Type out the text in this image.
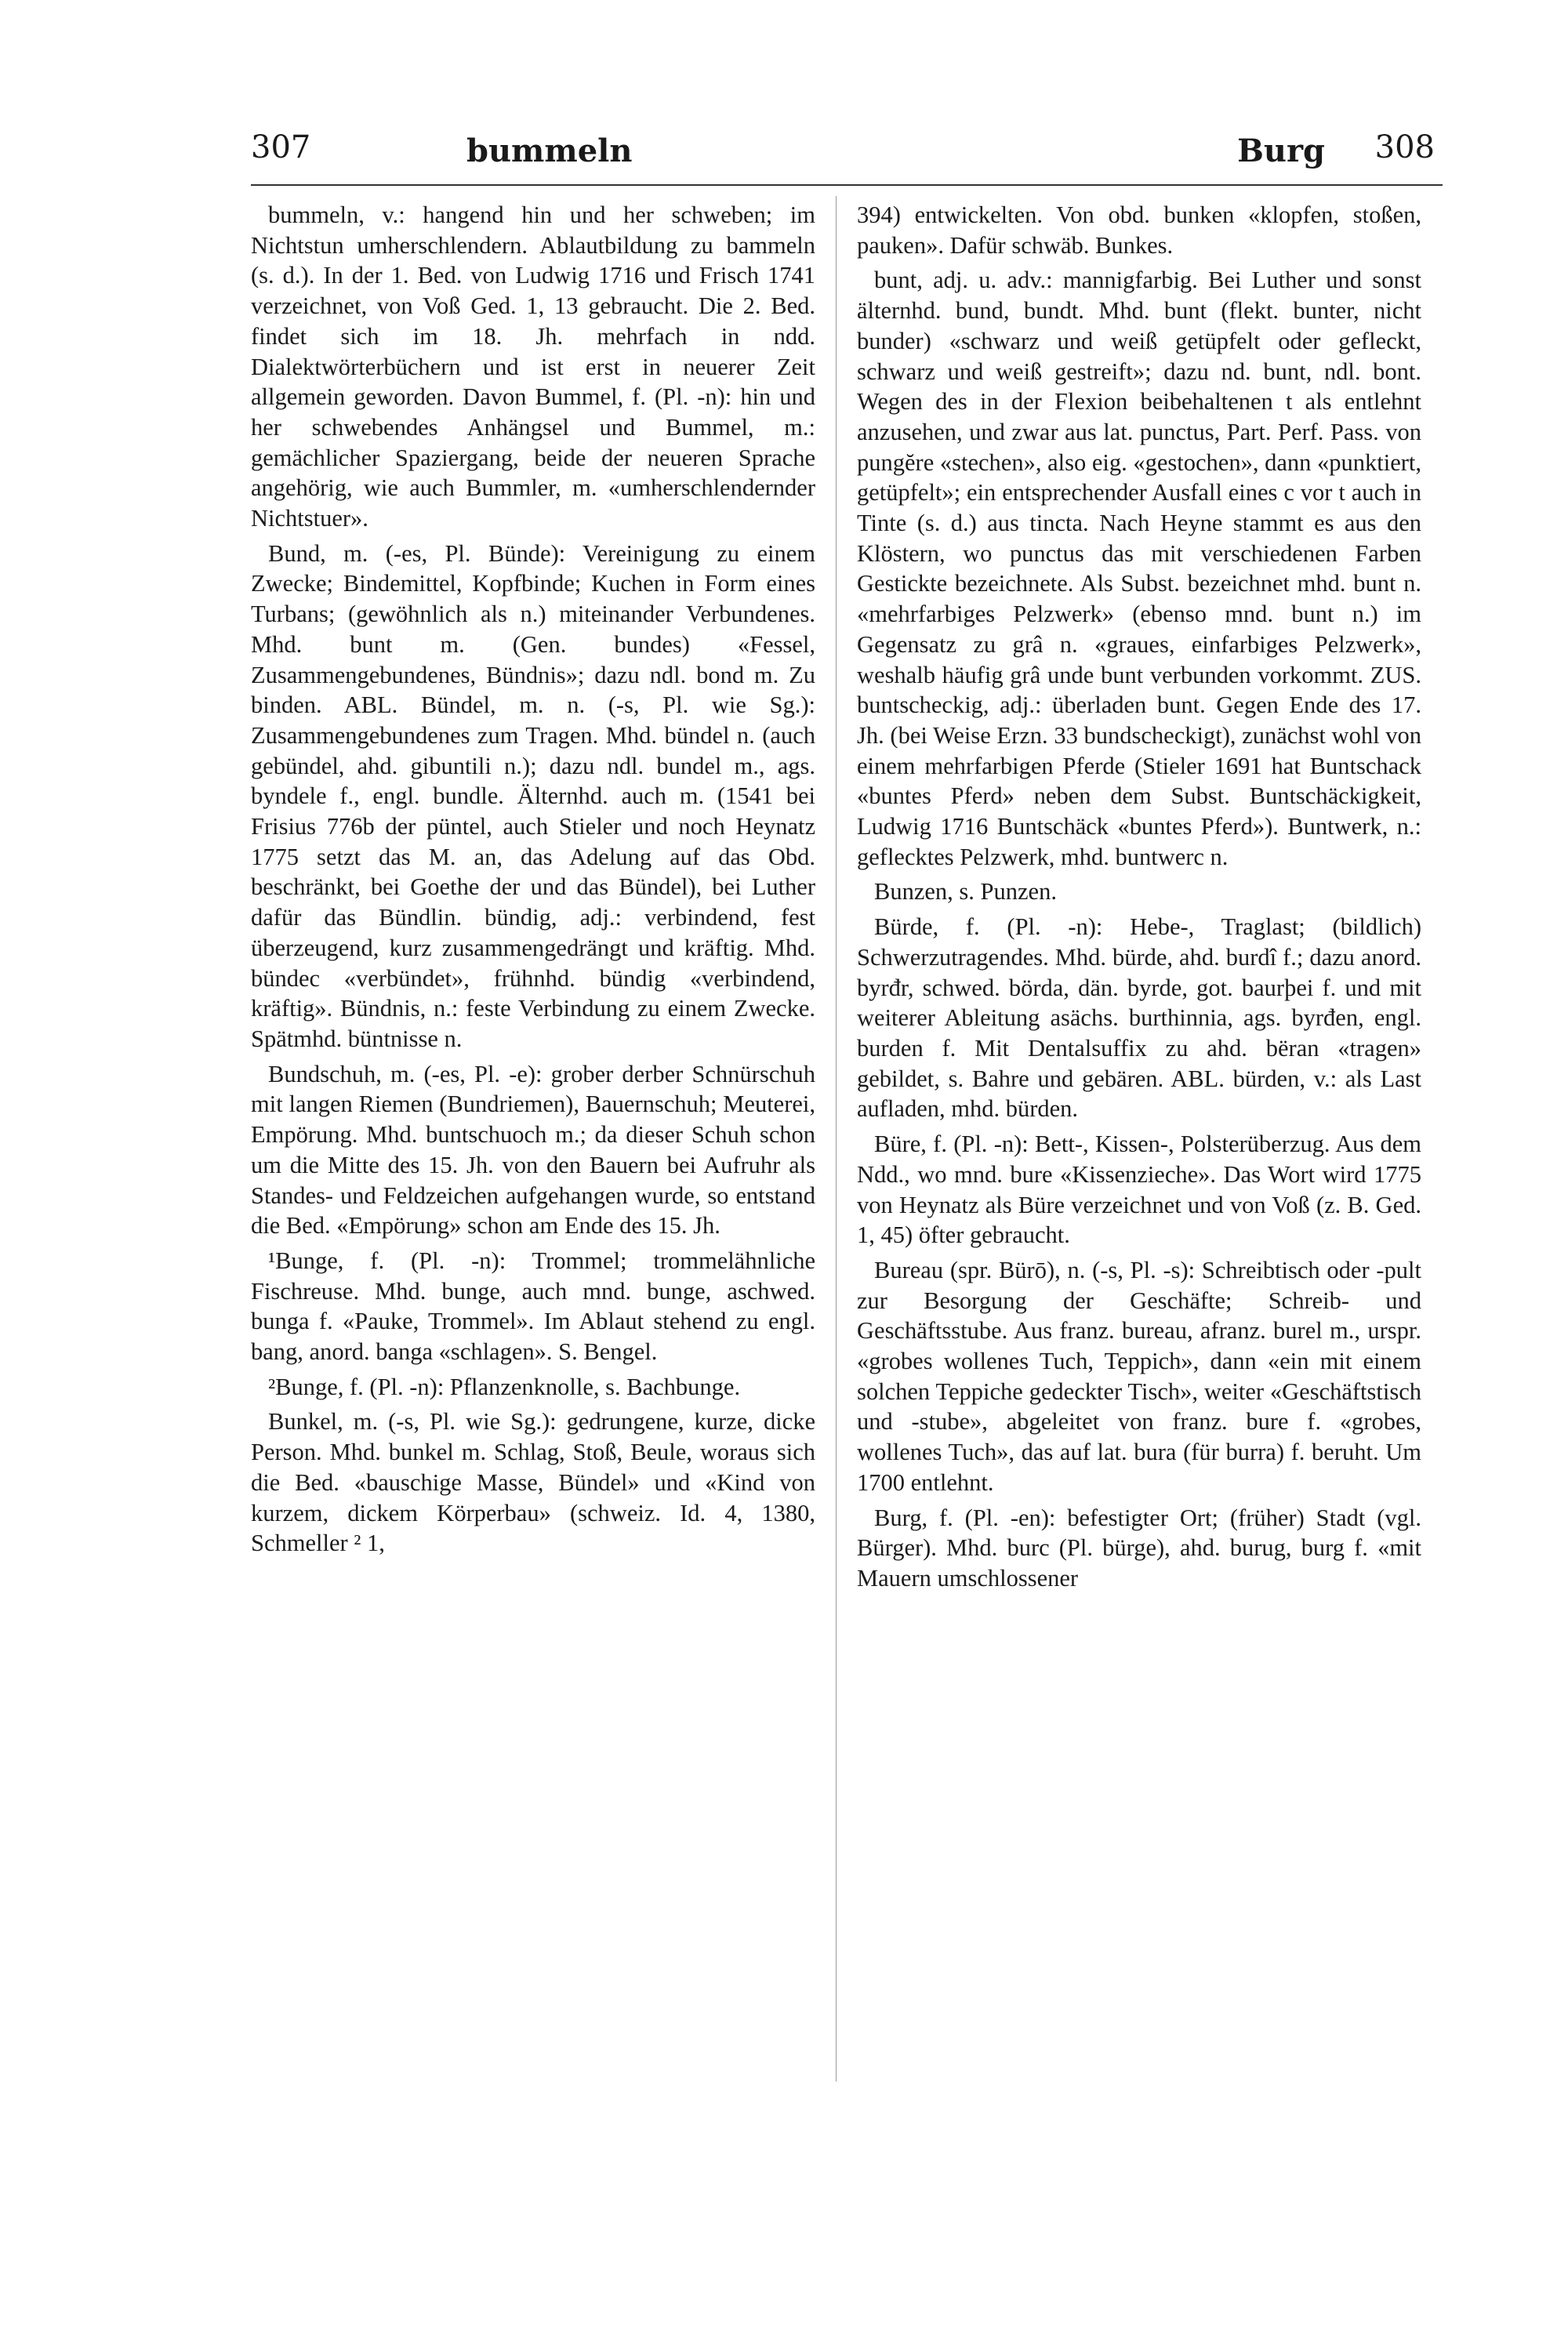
307	bummeln	Burg 308

bummeln, v.: hangend hin und her schweben; im Nichtstun umherschlendern. Ablautbildung zu bammeln (s. d.). In der 1. Bed. von Ludwig 1716 und Frisch 1741 verzeichnet, von Voß Ged. 1, 13 gebraucht. Die 2. Bed. findet sich im 18. Jh. mehrfach in ndd. Dialektwörterbüchern und ist erst in neuerer Zeit allgemein geworden. Davon Bummel, f. (Pl. -n): hin und her schwebendes Anhängsel und Bummel, m.: gemächlicher Spaziergang, beide der neueren Sprache angehörig, wie auch Bummler, m. «umherschlendernder Nichtstuer».

Bund, m. (-es, Pl. Bünde): Vereinigung zu einem Zwecke; Bindemittel, Kopfbinde; Kuchen in Form eines Turbans; (gewöhnlich als n.) miteinander Verbundenes. Mhd. bunt m. (Gen. bundes) «Fessel, Zusammengebundenes, Bündnis»; dazu ndl. bond m. Zu binden. ABL. Bündel, m. n. (-s, Pl. wie Sg.): Zusammengebundenes zum Tragen. Mhd. bündel n. (auch gebündel, ahd. gibuntili n.); dazu ndl. bundel m., ags. byndele f., engl. bundle. Älternhd. auch m. (1541 bei Frisius 776b der püntel, auch Stieler und noch Heynatz 1775 setzt das M. an, das Adelung auf das Obd. beschränkt, bei Goethe der und das Bündel), bei Luther dafür das Bündlin. bündig, adj.: verbindend, fest überzeugend, kurz zusammengedrängt und kräftig. Mhd. bündec «verbündet», frühnhd. bündig «verbindend, kräftig». Bündnis, n.: feste Verbindung zu einem Zwecke. Spätmhd. büntnisse n.

Bundschuh, m. (-es, Pl. -e): grober derber Schnürschuh mit langen Riemen (Bundriemen), Bauernschuh; Meuterei, Empörung. Mhd. buntschuoch m.; da dieser Schuh schon um die Mitte des 15. Jh. von den Bauern bei Aufruhr als Standes- und Feldzeichen aufgehangen wurde, so entstand die Bed. «Empörung» schon am Ende des 15. Jh.

¹Bunge, f. (Pl. -n): Trommel; trommelähnliche Fischreuse. Mhd. bunge, auch mnd. bunge, aschwed. bunga f. «Pauke, Trommel». Im Ablaut stehend zu engl. bang, anord. banga «schlagen». S. Bengel.

²Bunge, f. (Pl. -n): Pflanzenknolle, s. Bachbunge.

Bunkel, m. (-s, Pl. wie Sg.): gedrungene, kurze, dicke Person. Mhd. bunkel m. Schlag, Stoß, Beule, woraus sich die Bed. «bauschige Masse, Bündel» und «Kind von kurzem, dickem Körperbau» (schweiz. Id. 4, 1380, Schmeller ² 1,

394) entwickelten. Von obd. bunken «klopfen, stoßen, pauken». Dafür schwäb. Bunkes.

bunt, adj. u. adv.: mannigfarbig. Bei Luther und sonst älternhd. bund, bundt. Mhd. bunt (flekt. bunter, nicht bunder) «schwarz und weiß getüpfelt oder gefleckt, schwarz und weiß gestreift»; dazu nd. bunt, ndl. bont. Wegen des in der Flexion beibehaltenen t als entlehnt anzusehen, und zwar aus lat. punctus, Part. Perf. Pass. von pungĕre «stechen», also eig. «gestochen», dann «punktiert, getüpfelt»; ein entsprechender Ausfall eines c vor t auch in Tinte (s. d.) aus tincta. Nach Heyne stammt es aus den Klöstern, wo punctus das mit verschiedenen Farben Gestickte bezeichnete. Als Subst. bezeichnet mhd. bunt n. «mehrfarbiges Pelzwerk» (ebenso mnd. bunt n.) im Gegensatz zu grâ n. «graues, einfarbiges Pelzwerk», weshalb häufig grâ unde bunt verbunden vorkommt. ZUS. buntscheckig, adj.: überladen bunt. Gegen Ende des 17. Jh. (bei Weise Erzn. 33 bundscheckigt), zunächst wohl von einem mehrfarbigen Pferde (Stieler 1691 hat Buntschack «buntes Pferd» neben dem Subst. Buntschäckigkeit, Ludwig 1716 Buntschäck «buntes Pferd»). Buntwerk, n.: geflecktes Pelzwerk, mhd. buntwerc n.

Bunzen, s. Punzen.

Bürde, f. (Pl. -n): Hebe-, Traglast; (bildlich) Schwerzutragendes. Mhd. bürde, ahd. burdî f.; dazu anord. byrđr, schwed. börda, dän. byrde, got. baurþei f. und mit weiterer Ableitung asächs. burthinnia, ags. byrđen, engl. burden f. Mit Dentalsuffix zu ahd. bëran «tragen» gebildet, s. Bahre und gebären. ABL. bürden, v.: als Last aufladen, mhd. bürden.

Büre, f. (Pl. -n): Bett-, Kissen-, Polsterüberzug. Aus dem Ndd., wo mnd. bure «Kissenzieche». Das Wort wird 1775 von Heynatz als Büre verzeichnet und von Voß (z. B. Ged. 1, 45) öfter gebraucht.

Bureau (spr. Bürō), n. (-s, Pl. -s): Schreibtisch oder -pult zur Besorgung der Geschäfte; Schreib- und Geschäftsstube. Aus franz. bureau, afranz. burel m., urspr. «grobes wollenes Tuch, Teppich», dann «ein mit einem solchen Teppiche gedeckter Tisch», weiter «Geschäftstisch und -stube», abgeleitet von franz. bure f. «grobes, wollenes Tuch», das auf lat. bura (für burra) f. beruht. Um 1700 entlehnt.

Burg, f. (Pl. -en): befestigter Ort; (früher) Stadt (vgl. Bürger). Mhd. burc (Pl. bürge), ahd. burug, burg f. «mit Mauern umschlossener
